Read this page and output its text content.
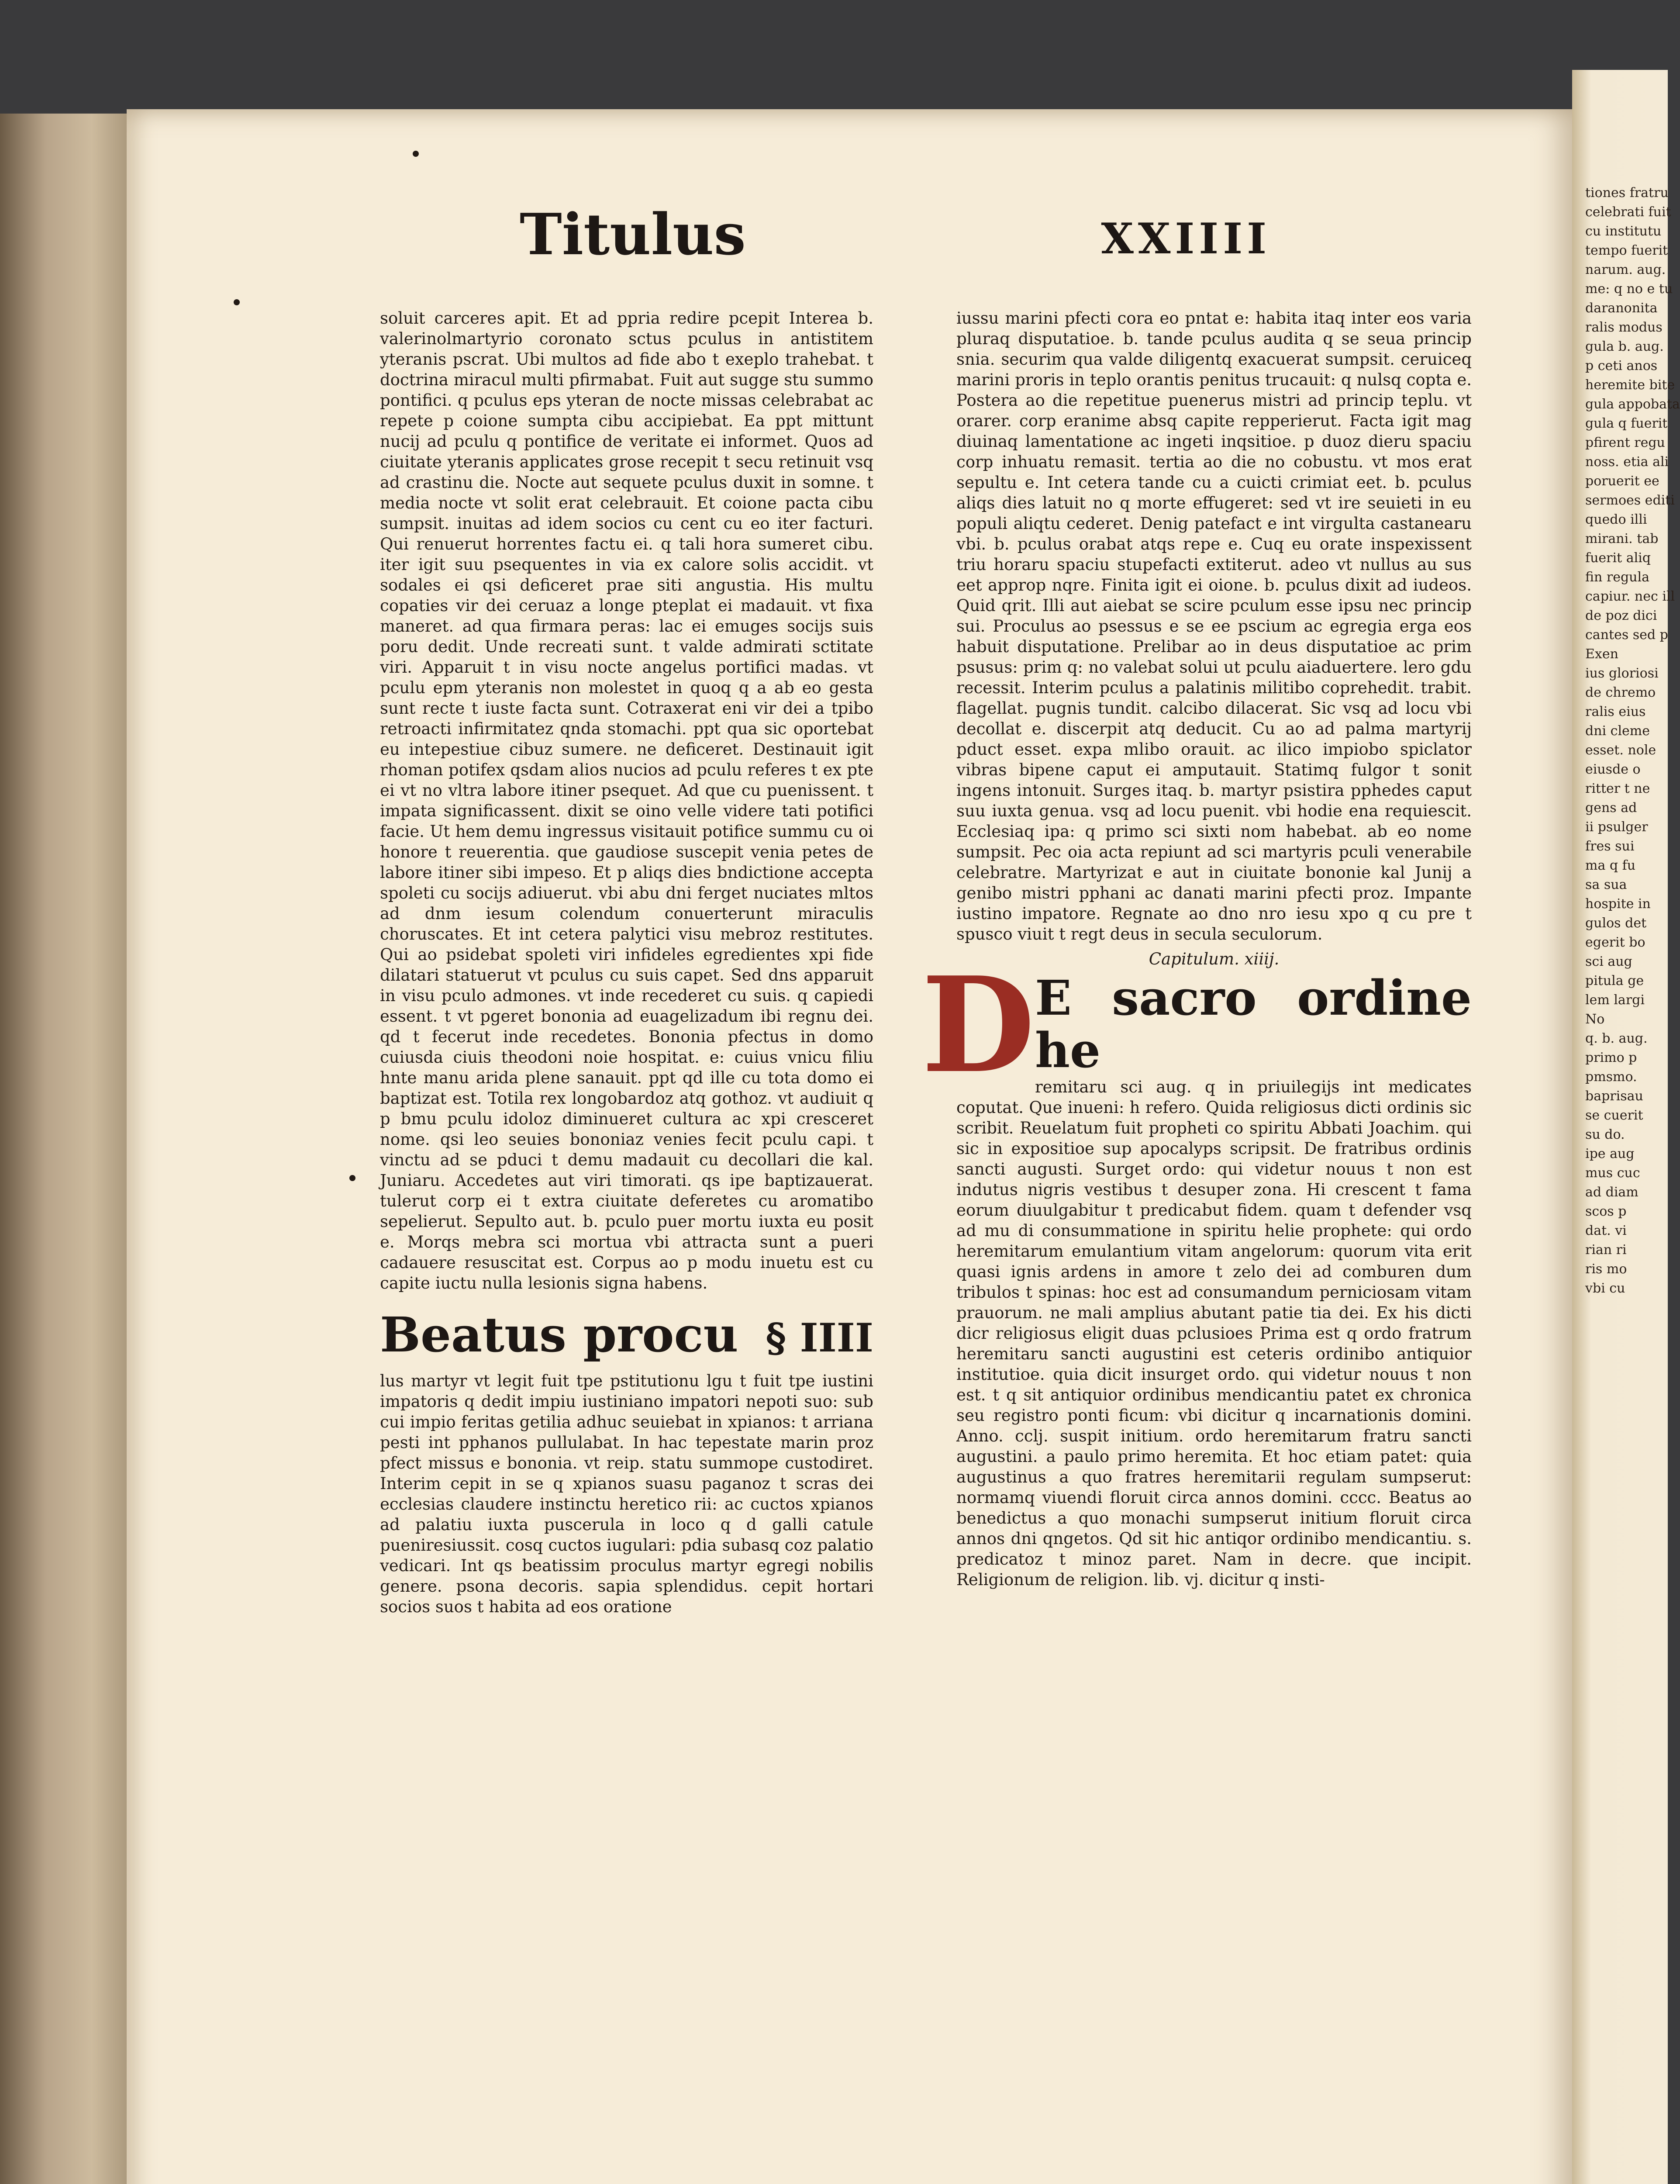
tiones fratru
celebrati fuit
cu institutu
tempo fuerit
narum. aug.
me: q no e tu
daranonita
ralis modus
gula b. aug.
p ceti anos
heremite bite
gula appobata
gula q fuerit
pfirent regu
noss. etia ali
poruerit ee
sermoes editi
quedo illi
mirani. tab
fuerit aliq
fin regula
capiur. nec ill
de poz dici
cantes sed p
Exen
ius gloriosi
de chremo
ralis eius
dni cleme
esset. nole
eiusde o
ritter t ne
gens ad
ii psulger
fres sui
ma q fu
sa sua
hospite in
gulos det
egerit bo
sci aug
pitula ge
lem largi
No
q. b. aug.
primo p
pmsmo.
baprisau
se cuerit
su do.
ipe aug
mus cuc
ad diam
scos p
dat. vi
rian ri
ris mo
vbi cu
Titulus	XXIIII

soluit carceres apit. Et ad ppria redire pcepit Interea b. valerinolmartyrio coronato sctus pculus in antistitem yteranis pscrat. Ubi multos ad fide abo t exeplo trahebat. t doctrina miracul multi pfirmabat. Fuit aut sugge stu summo pontifici. q pculus eps yteran de nocte missas celebrabat ac repete p coione sumpta cibu accipiebat. Ea ppt mittunt nucij ad pculu q pontifice de veritate ei informet. Quos ad ciuitate yteranis applicates grose recepit t secu retinuit vsq ad crastinu die. Nocte aut sequete pculus duxit in somne. t media nocte vt solit erat celebrauit. Et coione pacta cibu sumpsit. inuitas ad idem socios cu cent cu eo iter facturi. Qui renuerut horrentes factu ei. q tali hora sumeret cibu. iter igit suu psequentes in via ex calore solis accidit. vt sodales ei qsi deficeret prae siti angustia. His multu copaties vir dei ceruaz a longe pteplat ei madauit. vt fixa maneret. ad qua firmara peras: lac ei emuges socijs suis poru dedit. Unde recreati sunt. t valde admirati sctitate viri. Apparuit t in visu nocte angelus portifici madas. vt pculu epm yteranis non molestet in quoq q a ab eo gesta sunt recte t iuste facta sunt. Cotraxerat eni vir dei a tpibo retroacti infirmitatez qnda stomachi. ppt qua sic oportebat eu intepestiue cibuz sumere. ne deficeret. Destinauit igit rhoman potifex qsdam alios nucios ad pculu referes t ex pte ei vt no vltra labore itiner psequet. Ad que cu puenissent. t impata significassent. dixit se oino velle videre tati potifici facie. Ut hem demu ingressus visitauit potifice summu cu oi honore t reuerentia. que gaudiose suscepit venia petes de labore itiner sibi impeso. Et p aliqs dies bndictione accepta spoleti cu socijs adiuerut. vbi abu dni ferget nuciates mltos ad dnm iesum colendum conuerterunt miraculis choruscates. Et int cetera palytici visu mebroz restitutes. Qui ao psidebat spoleti viri infideles egredientes xpi fide dilatari statuerut vt pculus cu suis capet. Sed dns apparuit in visu pculo admones. vt inde recederet cu suis. q capiedi essent. t vt pgeret bononia ad euagelizadum ibi regnu dei. qd t fecerut inde recedetes. Bononia pfectus in domo cuiusda ciuis theodoni noie hospitat. e: cuius vnicu filiu hnte manu arida plene sanauit. ppt qd ille cu tota domo ei baptizat est. Totila rex longobardoz atq gothoz. vt audiuit q p bmu pculu idoloz diminueret cultura ac xpi cresceret nome. qsi leo seuies bononiaz venies fecit pculu capi. t vinctu ad se pduci t demu madauit cu decollari die kal. Juniaru. Accedetes aut viri timorati. qs ipe baptizauerat. tulerut corp ei t extra ciuitate deferetes cu aromatibo sepelierut. Sepulto aut. b. pculo puer mortu iuxta eu posit e. Morqs mebra sci mortua vbi attracta sunt a pueri cadauere resuscitat est. Corpus ao p modu inuetu est cu capite iuctu nulla lesionis signa habens.

Beatus procu § IIII

lus martyr vt legit fuit tpe pstitutionu lgu t fuit tpe iustini impatoris q dedit impiu iustiniano impatori nepoti suo: sub cui impio feritas getilia adhuc seuiebat in xpianos: t arriana pesti int pphanos pullulabat. In hac tepestate marin proz pfect missus e bononia. vt reip. statu summope custodiret. Interim cepit in se q xpianos suasu paganoz t scras dei ecclesias claudere instinctu heretico rii: ac cuctos xpianos ad palatiu iuxta puscerula in loco q d galli catule pueniresiussit. cosq cuctos iugulari: pdia subasq coz palatio vedicari. Int qs beatissim proculus martyr egregi nobilis genere. psona decoris. sapia splendidus. cepit hortari socios suos t habita ad eos oratione

iussu marini pfecti cora eo pntat e: habita itaq inter eos varia pluraq disputatioe. b. tande pculus audita q se seua princip snia. securim qua valde diligentq exacuerat sumpsit. ceruiceq marini proris in teplo orantis penitus trucauit: q nulsq copta e. Postera ao die repetitue puenerus mistri ad princip teplu. vt orarer. corp eranime absq capite repperierut. Facta igit mag diuinaq lamentatione ac ingeti inqsitioe. p duoz dieru spaciu corp inhuatu remasit. tertia ao die no cobustu. vt mos erat sepultu e. Int cetera tande cu a cuicti crimiat eet. b. pculus aliqs dies latuit no q morte effugeret: sed vt ire seuieti in eu populi aliqtu cederet. Denig patefact e int virgulta castanearu vbi. b. pculus orabat atqs repe e. Cuq eu orate inspexissent triu horaru spaciu stupefacti extiterut. adeo vt nullus au sus eet approp nqre. Finita igit ei oione. b. pculus dixit ad iudeos. Quid qrit. Illi aut aiebat se scire pculum esse ipsu nec princip sui. Proculus ao psessus e se ee pscium ac egregia erga eos habuit disputatione. Prelibar ao in deus disputatioe ac prim psusus: prim q: no valebat solui ut pculu aiaduertere. lero gdu recessit. Interim pculus a palatinis militibo coprehedit. trabit. flagellat. pugnis tundit. calcibo dilacerat. Sic vsq ad locu vbi decollat e. discerpit atq deducit. Cu ao ad palma martyrij pduct esset. expa mlibo orauit. ac ilico impiobo spiclator vibras bipene caput ei amputauit. Statimq fulgor t sonit ingens intonuit. Surges itaq. b. martyr psistira pphedes caput suu iuxta genua. vsq ad locu puenit. vbi hodie ena requiescit. Ecclesiaq ipa: q primo sci sixti nom habebat. ab eo nome sumpsit. Pec oia acta repiunt ad sci martyris pculi venerabile celebratre. Martyrizat e aut in ciuitate bononie kal Junij a genibo mistri pphani ac danati marini pfecti proz. Impante iustino impatore. Regnate ao dno nro iesu xpo q cu pre t spusco viuit t regt deus in secula seculorum.

Capitulum. xiiij.
D E sacro ordine he

remitaru sci aug. q in priuilegijs int medicates coputat. Que inueni: h refero. Quida religiosus dicti ordinis sic scribit. Reuelatum fuit propheti co spiritu Abbati Joachim. qui sic in expositioe sup apocalyps scripsit. De fratribus ordinis sancti augusti. Surget ordo: qui videtur nouus t non est indutus nigris vestibus t desuper zona. Hi crescent t fama eorum diuulgabitur t predicabut fidem. quam t defender vsq ad mu di consummatione in spiritu helie prophete: qui ordo heremitarum emulantium vitam angelorum: quorum vita erit quasi ignis ardens in amore t zelo dei ad comburen dum tribulos t spinas: hoc est ad consumandum perniciosam vitam prauorum. ne mali amplius abutant patie tia dei. Ex his dicti dicr religiosus eligit duas pclusioes Prima est q ordo fratrum heremitaru sancti augustini est ceteris ordinibo antiquior institutioe. quia dicit insurget ordo. qui videtur nouus t non est. t q sit antiquior ordinibus mendicantiu patet ex chronica seu registro ponti ficum: vbi dicitur q incarnationis domini. Anno. cclj. suspit initium. ordo heremitarum fratru sancti augustini. a paulo primo heremita. Et hoc etiam patet: quia augustinus a quo fratres heremitarii regulam sumpserut: normamq viuendi floruit circa annos domini. cccc. Beatus ao benedictus a quo monachi sumpserut initium floruit circa annos dni qngetos. Qd sit hic antiqor ordinibo mendicantiu. s. predicatoz t minoz paret. Nam in decre. que incipit. Religionum de religion. lib. vj. dicitur q insti-
